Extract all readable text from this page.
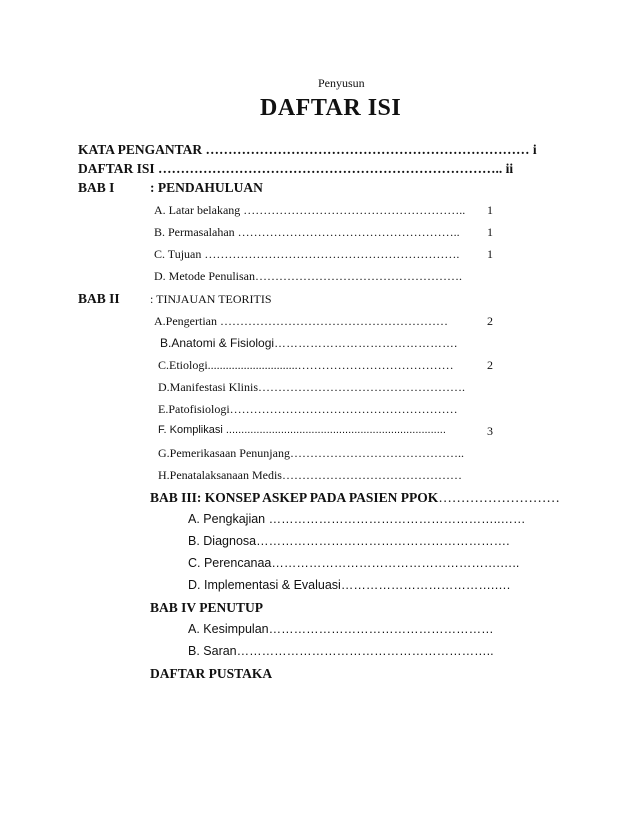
Penyusun
DAFTAR ISI
KATA PENGANTAR ……………………………………………………………… i
DAFTAR ISI ………………………………………………………………….. ii
BAB I	: PENDAHULUAN
A. Latar belakang ……………………………………………….. 1
B. Permasalahan ……………………………………………….. 1
C. Tujuan ………………………………………………………. 1
D. Metode Penulisan…………………………………………….
BAB II	: TINJAUAN TEORITIS
A.Pengertian …………………………………………………	2
B.Anatomi & Fisiologi……………………………………….
C.Etiologi..............................…………………………………	2
D.Manifestasi Klinis…………………………………………….
E.Patofisiologi…………………………………………………
F. Komplikasi ........................................................................	3
G.Pemerikasaan Penunjang……………………………………..
H.Penatalaksanaan Medis………………………………………
BAB III: KONSEP ASKEP PADA PASIEN PPOK………………………
A. Pengkajian ………………………………………………..……
B. Diagnosa…………………………………………………….
C. Perencanaa……………………………………………….…..
D. Implementasi & Evaluasi……………………………….….
BAB IV PENUTUP
A. Kesimpulan………………………………………………
B. Saran……………………………………………………..
DAFTAR PUSTAKA
